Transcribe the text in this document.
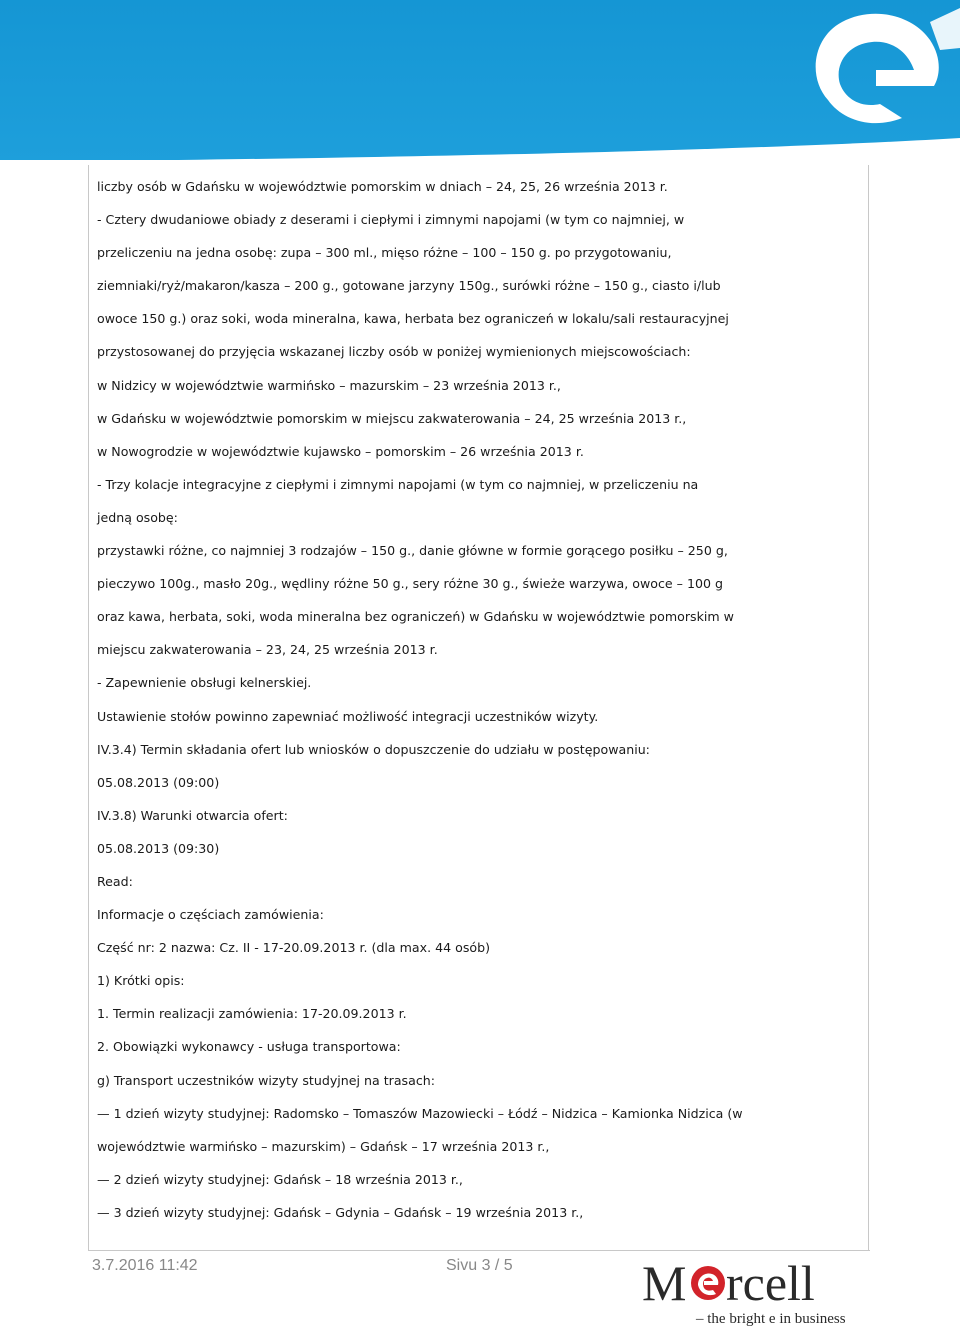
liczby osób w Gdańsku w województwie pomorskim w dniach – 24, 25, 26 września 2013 r.
- Cztery dwudaniowe obiady z deserami i ciepłymi i zimnymi napojami (w tym co najmniej, w
przeliczeniu na jedna osobę: zupa – 300 ml., mięso różne – 100 – 150 g. po przygotowaniu,
ziemniaki/ryż/makaron/kasza – 200 g., gotowane jarzyny 150g., surówki różne – 150 g., ciasto i/lub
owoce 150 g.) oraz soki, woda mineralna, kawa, herbata bez ograniczeń w lokalu/sali restauracyjnej
przystosowanej do przyjęcia wskazanej liczby osób w poniżej wymienionych miejscowościach:
w Nidzicy w województwie warmińsko – mazurskim – 23 września 2013 r.,
w Gdańsku w województwie pomorskim w miejscu zakwaterowania – 24, 25 września 2013 r.,
w Nowogrodzie w województwie kujawsko – pomorskim – 26 września 2013 r.
- Trzy kolacje integracyjne z ciepłymi i zimnymi napojami (w tym co najmniej, w przeliczeniu na
jedną osobę:
przystawki różne, co najmniej 3 rodzajów – 150 g., danie główne w formie gorącego posiłku – 250 g,
pieczywo 100g., masło 20g., wędliny różne 50 g., sery różne 30 g., świeże warzywa, owoce – 100 g
oraz kawa, herbata, soki, woda mineralna bez ograniczeń) w Gdańsku w województwie pomorskim w
miejscu zakwaterowania – 23, 24, 25 września 2013 r.
- Zapewnienie obsługi kelnerskiej.
Ustawienie stołów powinno zapewniać możliwość integracji uczestników wizyty.
IV.3.4) Termin składania ofert lub wniosków o dopuszczenie do udziału w postępowaniu:
05.08.2013 (09:00)
IV.3.8) Warunki otwarcia ofert:
05.08.2013 (09:30)
Read:
Informacje o częściach zamówienia:
Część nr: 2 nazwa: Cz. II - 17-20.09.2013 r. (dla max. 44 osób)
1) Krótki opis:
1. Termin realizacji zamówienia: 17-20.09.2013 r.
2. Obowiązki wykonawcy - usługa transportowa:
g) Transport uczestników wizyty studyjnej na trasach:
— 1 dzień wizyty studyjnej: Radomsko – Tomaszów Mazowiecki – Łódź – Nidzica – Kamionka Nidzica (w
województwie warmińsko – mazurskim) – Gdańsk – 17 września 2013 r.,
— 2 dzień wizyty studyjnej: Gdańsk – 18 września 2013 r.,
— 3 dzień wizyty studyjnej: Gdańsk – Gdynia – Gdańsk – 19 września 2013 r.,
3.7.2016 11:42	Sivu 3 / 5	M rcell
– the bright e in business
